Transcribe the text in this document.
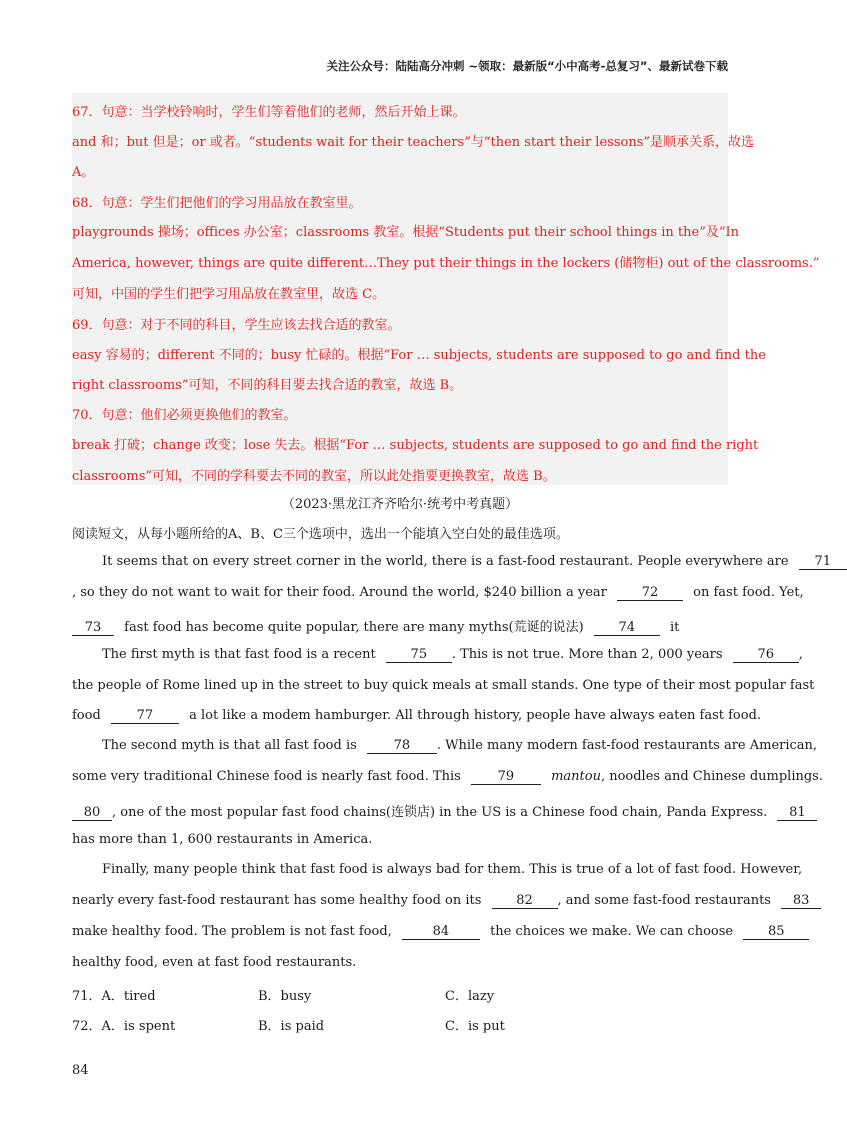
关注公众号：陆陆高分冲刺 ~领取：最新版“小中高考-总复习”、最新试卷下载

67．句意：当学校铃响时，学生们等着他们的老师，然后开始上课。

and 和；but 但是；or 或者。“students wait for their teachers”与“then start their lessons”是顺承关系，故选

A。

68．句意：学生们把他们的学习用品放在教室里。

playgrounds 操场；offices 办公室；classrooms 教室。根据“Students put their school things in the”及“In

America, however, things are quite different…They put their things in the lockers (储物柜) out of the classrooms.”

可知，中国的学生们把学习用品放在教室里，故选 C。

69．句意：对于不同的科目，学生应该去找合适的教室。

easy 容易的；different 不同的；busy 忙碌的。根据“For … subjects, students are supposed to go and find the

right classrooms”可知，不同的科目要去找合适的教室，故选 B。

70．句意：他们必须更换他们的教室。

break 打破；change 改变；lose 失去。根据“For … subjects, students are supposed to go and find the right

classrooms”可知，不同的学科要去不同的教室，所以此处指要更换教室，故选 B。

（2023·黑龙江齐齐哈尔·统考中考真题）
阅读短文，从每小题所给的A、B、C三个选项中，选出一个能填入空白处的最佳选项。
It seems that on every street corner in the world, there is a fast-food restaurant. People everywhere are 71
, so they do not want to wait for their food. Around the world, $240 billion a year	72	on fast food. Yet,
73 fast food has become quite popular, there are many myths(荒诞的说法)	74	it
The first myth is that fast food is a recent	75 . This is not true. More than 2, 000 years	76 ,
the people of Rome lined up in the street to buy quick meals at small stands. One type of their most popular fast
food	77	a lot like a modem hamburger. All through history, people have always eaten fast food.
The second myth is that all fast food is	78 . While many modern fast-food restaurants are American,
some very traditional Chinese food is nearly fast food. This	79	mantou, noodles and Chinese dumplings.
80 , one of the most popular fast food chains(连锁店) in the US is a Chinese food chain, Panda Express. 81
has more than 1, 600 restaurants in America.
Finally, many people think that fast food is always bad for them. This is true of a lot of fast food. However,
nearly every fast-food restaurant has some healthy food on its	82 , and some fast-food restaurants 83
make healthy food. The problem is not fast food,	84	the choices we make. We can choose	85
healthy food, even at fast food restaurants.
71．A．tired	B．busy	C．lazy
72．A．is spent	B．is paid	C．is put
84
